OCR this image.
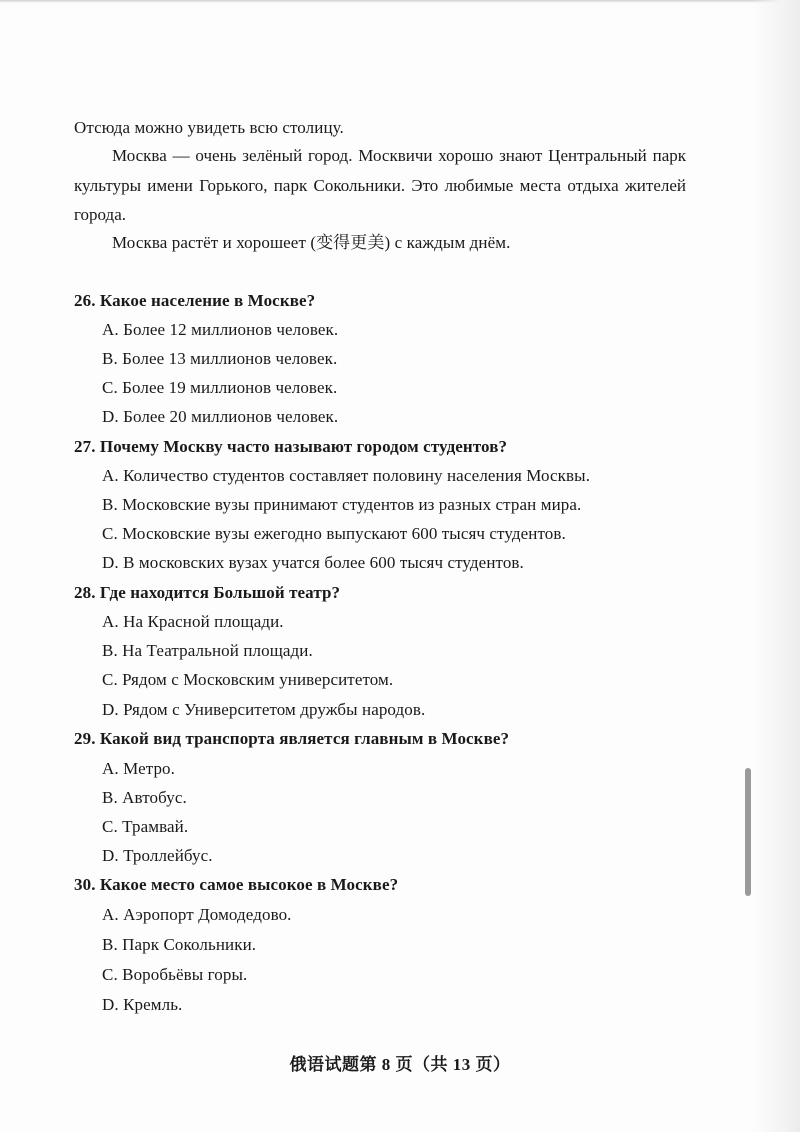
Отсюда можно увидеть всю столицу.
Москва — очень зелёный город. Москвичи хорошо знают Центральный парк культуры имени Горького, парк Сокольники. Это любимые места отдыха жителей города.
Москва растёт и хорошеет (变得更美) с каждым днём.
26. Какое население в Москве?
A. Более 12 миллионов человек.
B. Более 13 миллионов человек.
C. Более 19 миллионов человек.
D. Более 20 миллионов человек.
27. Почему Москву часто называют городом студентов?
A. Количество студентов составляет половину населения Москвы.
B. Московские вузы принимают студентов из разных стран мира.
C. Московские вузы ежегодно выпускают 600 тысяч студентов.
D. В московских вузах учатся более 600 тысяч студентов.
28. Где находится Большой театр?
A. На Красной площади.
B. На Театральной площади.
C. Рядом с Московским университетом.
D. Рядом с Университетом дружбы народов.
29. Какой вид транспорта является главным в Москве?
A. Метро.
B. Автобус.
C. Трамвай.
D. Троллейбус.
30. Какое место самое высокое в Москве?
A. Аэропорт Домодедово.
B. Парк Сокольники.
C. Воробьёвы горы.
D. Кремль.
俄语试题第 8 页（共 13 页）
